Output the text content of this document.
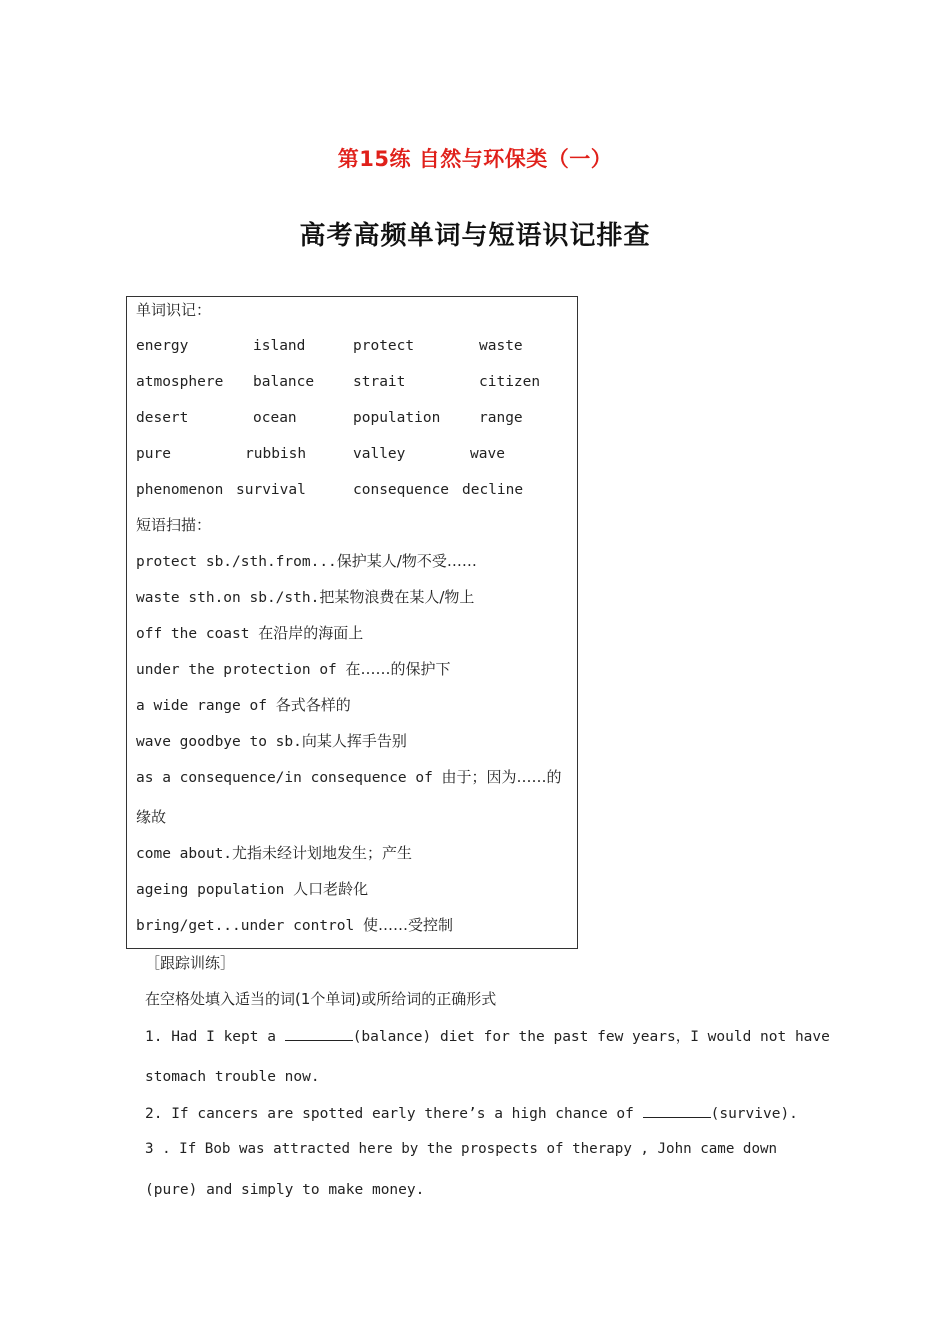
第15练 自然与环保类（一）
高考高频单词与短语识记排查
单词识记：
energy	island	protect	waste
atmosphere balance	strait	citizen
desert	ocean	population	range
pure	rubbish	valley	wave
phenomenon survival	consequence decline
短语扫描：
protect sb./sth.from...保护某人/物不受……
waste sth.on sb./sth.把某物浪费在某人/物上
off the coast 在沿岸的海面上
under the protection of 在……的保护下
a wide range of 各式各样的
wave goodbye to sb.向某人挥手告别
as a consequence/in consequence of 由于；因为……的
缘故
come about.尤指未经计划地发生；产生
ageing population 人口老龄化
bring/get...under control 使……受控制
［跟踪训练］
在空格处填入适当的词(1个单词)或所给词的正确形式
1. Had I kept a	(balance) diet for the past few years，I would not have
stomach trouble now.
2. If cancers are spotted early there’s a high chance of	(survive).
3 . If Bob was attracted here by the prospects of therapy , John came down
(pure) and simply to make money.
